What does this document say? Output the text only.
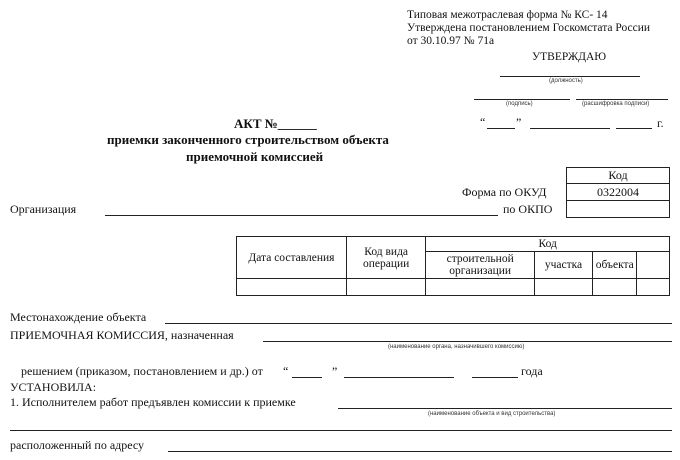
Типовая межотраслевая форма № КС- 14
Утверждена постановлением Госкомстата России
от 30.10.97 № 71а
УТВЕРЖДАЮ
(должность)
(подпись)	(расшифровка подписи)
“	”	г.
АКТ №______
приемки законченного строительством объекта
приемочной комиссией
Код
0322004

Форма по ОКУД
по ОКПО
Организация
Дата составления	Код вида операции	Код			
		строительной организации	участка	объекта	

Местонахождение объекта
ПРИЕМОЧНАЯ КОМИССИЯ, назначенная
(наименование органа, назначившего комиссию)
решением (приказом, постановлением и др.) от “	”	года
УСТАНОВИЛА:
1. Исполнителем работ предъявлен комиссии к приемке
(наименование объекта и вид строительства)
расположенный по адресу
